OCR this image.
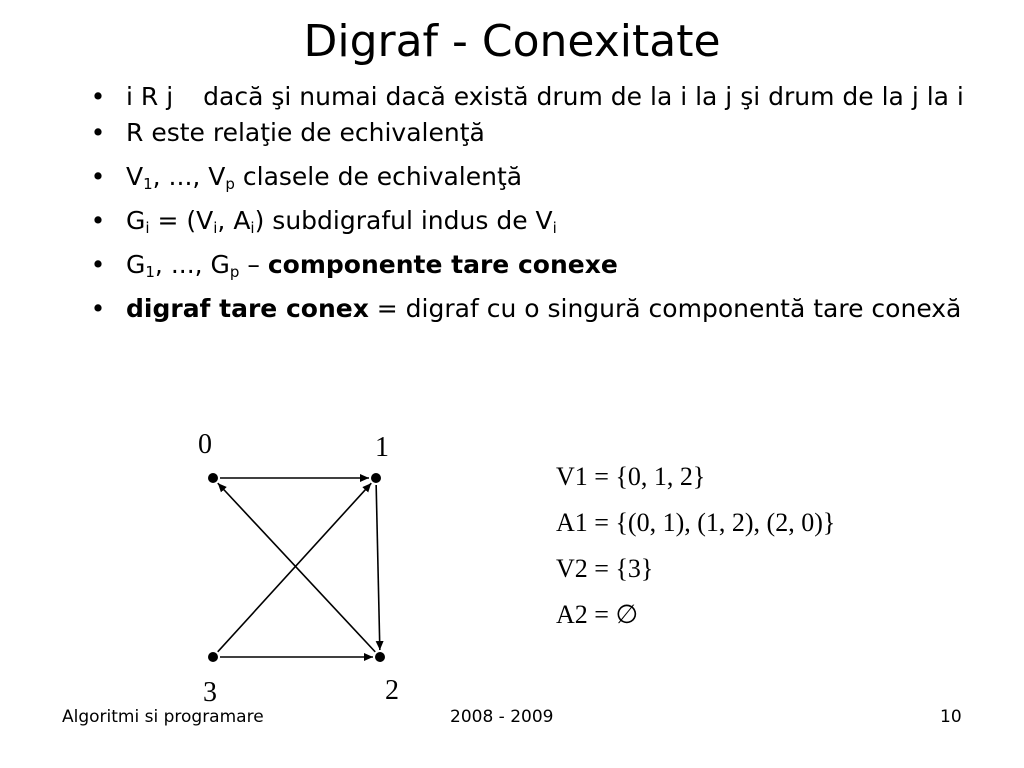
Digraf - Conexitate
• i R j dacă şi numai dacă există drum de la i la j şi drum de la j la i
• R este relaţie de echivalenţă
• $V_1$, ..., $V_p$ clasele de echivalenţă
• $G_i = (V_i$, $A_i$) subdigraful indus de $V_i$
• $G_1$, ..., $G_p$ – componente tare conexe
• digraf tare conex = digraf cu o singură componentă tare conexă
0	1
2
3
V1 = {0, 1, 2}
A1 = {(0, 1), (1, 2), (2, 0)}
V2 = {3}
A2 = ∅
Algoritmi si programare	2008 - 2009	10
